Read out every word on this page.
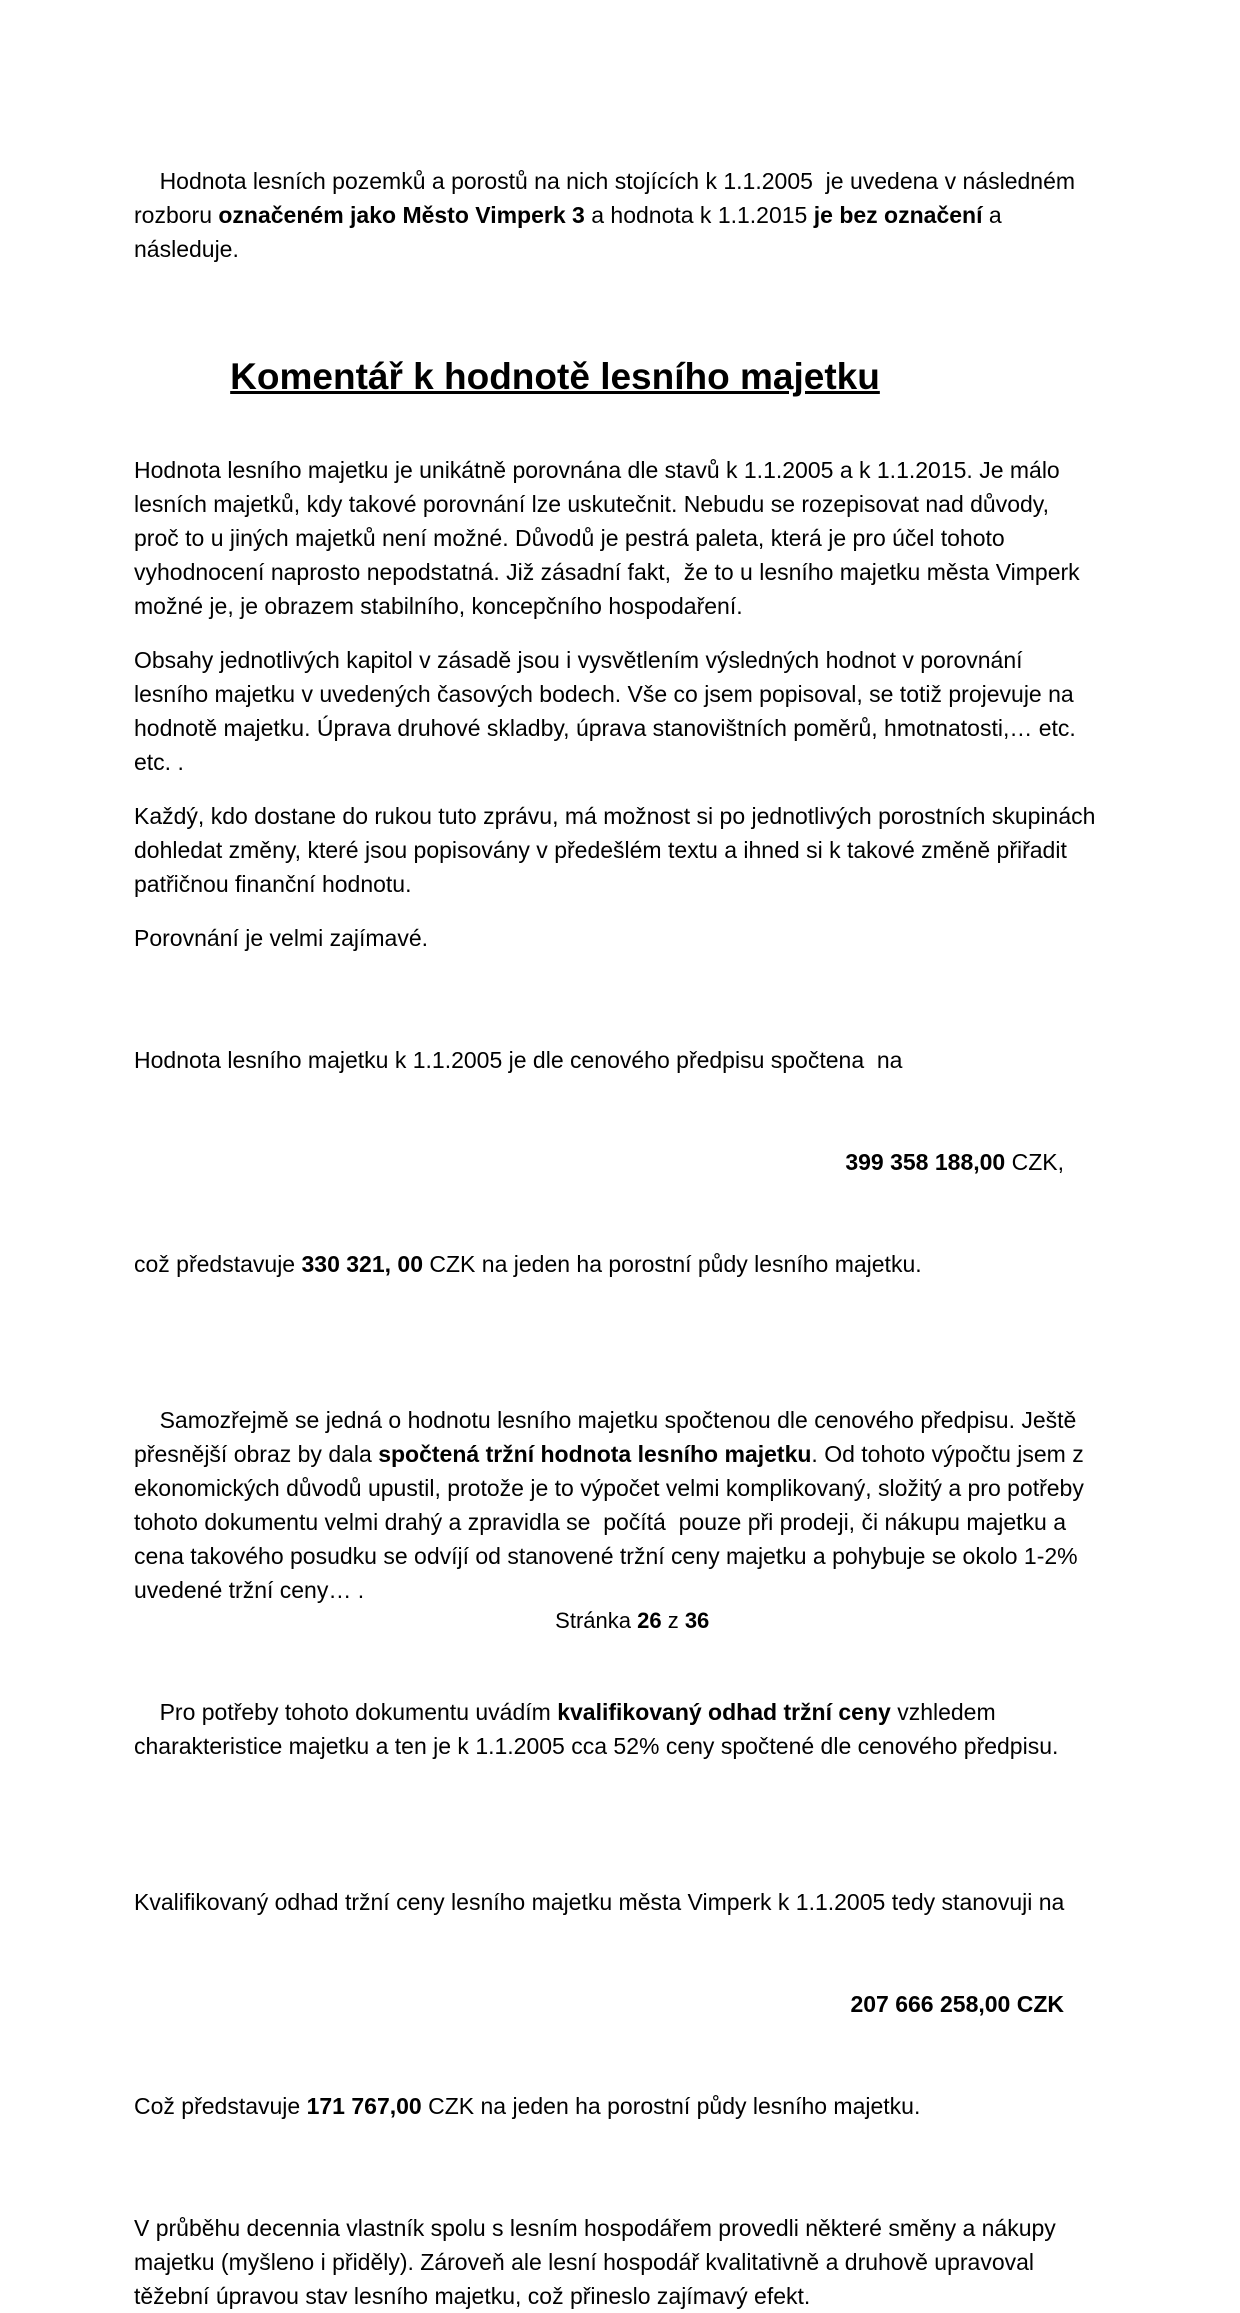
Hodnota lesních pozemků a porostů na nich stojících k 1.1.2005  je uvedena v následném rozboru označeném jako Město Vimperk 3 a hodnota k 1.1.2015 je bez označení a následuje.

Komentář k hodnotě lesního majetku

Hodnota lesního majetku je unikátně porovnána dle stavů k 1.1.2005 a k 1.1.2015. Je málo lesních majetků, kdy takové porovnání lze uskutečnit. Nebudu se rozepisovat nad důvody, proč to u jiných majetků není možné. Důvodů je pestrá paleta, která je pro účel tohoto vyhodnocení naprosto nepodstatná. Již zásadní fakt,  že to u lesního majetku města Vimperk možné je, je obrazem stabilního, koncepčního hospodaření.

Obsahy jednotlivých kapitol v zásadě jsou i vysvětlením výsledných hodnot v porovnání lesního majetku v uvedených časových bodech. Vše co jsem popisoval, se totiž projevuje na hodnotě majetku. Úprava druhové skladby, úprava stanovištních poměrů, hmotnatosti,… etc. etc. .

Každý, kdo dostane do rukou tuto zprávu, má možnost si po jednotlivých porostních skupinách dohledat změny, které jsou popisovány v předešlém textu a ihned si k takové změně přiřadit patřičnou finanční hodnotu.

Porovnání je velmi zajímavé.

Hodnota lesního majetku k 1.1.2005 je dle cenového předpisu spočtena  na

399 358 188,00 CZK,

což představuje 330 321, 00 CZK na jeden ha porostní půdy lesního majetku.

Samozřejmě se jedná o hodnotu lesního majetku spočtenou dle cenového předpisu. Ještě přesnější obraz by dala spočtená tržní hodnota lesního majetku. Od tohoto výpočtu jsem z ekonomických důvodů upustil, protože je to výpočet velmi komplikovaný, složitý a pro potřeby tohoto dokumentu velmi drahý a zpravidla se  počítá  pouze při prodeji, či nákupu majetku a cena takového posudku se odvíjí od stanovené tržní ceny majetku a pohybuje se okolo 1-2% uvedené tržní ceny… .

Pro potřeby tohoto dokumentu uvádím kvalifikovaný odhad tržní ceny vzhledem charakteristice majetku a ten je k 1.1.2005 cca 52% ceny spočtené dle cenového předpisu.

Kvalifikovaný odhad tržní ceny lesního majetku města Vimperk k 1.1.2005 tedy stanovuji na

207 666 258,00 CZK

Což představuje 171 767,00 CZK na jeden ha porostní půdy lesního majetku.

V průběhu decennia vlastník spolu s lesním hospodářem provedli některé směny a nákupy majetku (myšleno i přiděly). Zároveň ale lesní hospodář kvalitativně a druhově upravoval těžební úpravou stav lesního majetku, což přineslo zajímavý efekt.

Stránka 26 z 36
